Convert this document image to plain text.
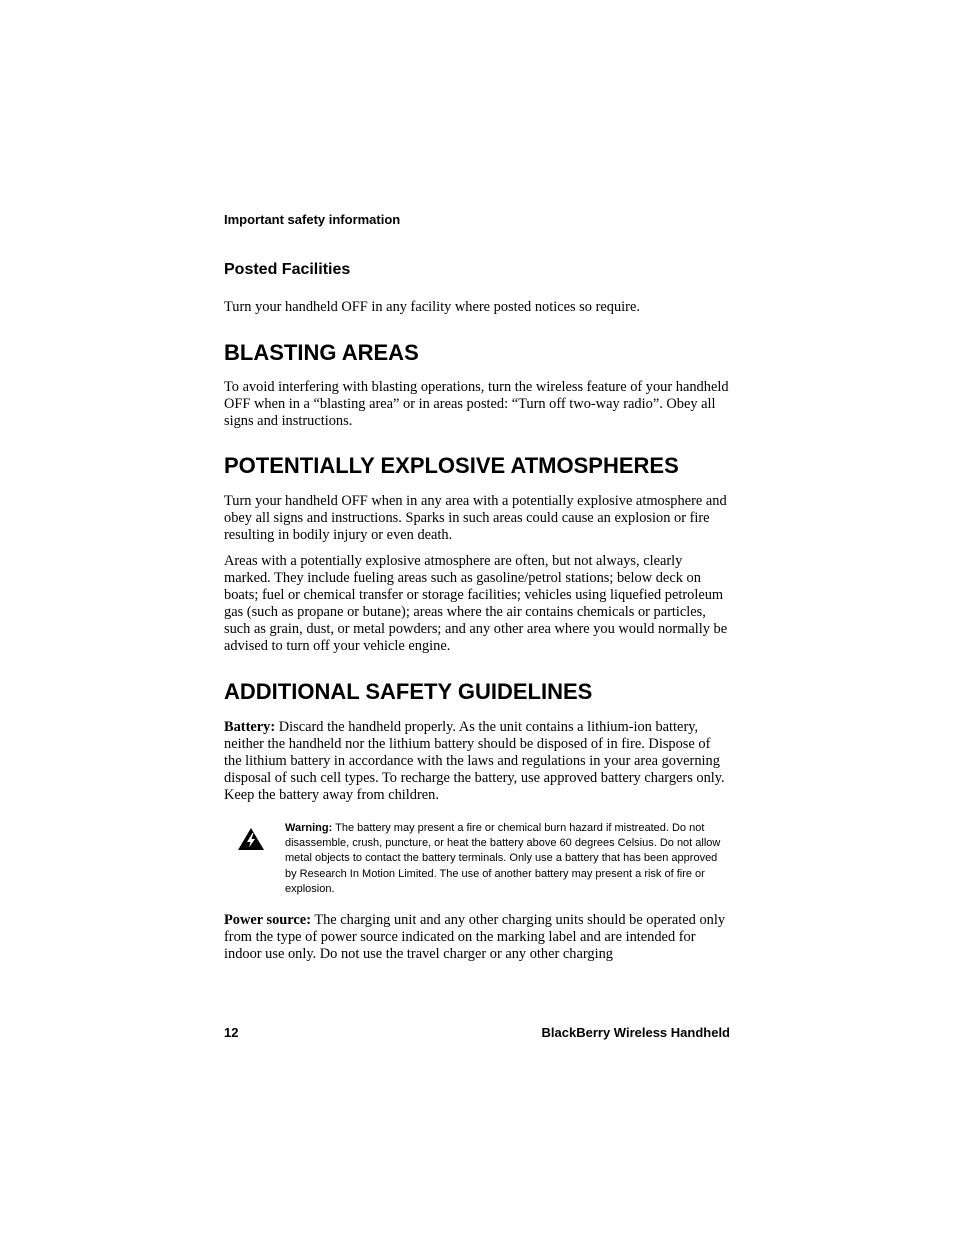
Important safety information
Posted Facilities

Turn your handheld OFF in any facility where posted notices so require.

BLASTING AREAS

To avoid interfering with blasting operations, turn the wireless feature of your handheld OFF when in a “blasting area” or in areas posted: “Turn off two-way radio”. Obey all signs and instructions.

POTENTIALLY EXPLOSIVE ATMOSPHERES

Turn your handheld OFF when in any area with a potentially explosive atmosphere and obey all signs and instructions. Sparks in such areas could cause an explosion or fire resulting in bodily injury or even death.

Areas with a potentially explosive atmosphere are often, but not always, clearly marked. They include fueling areas such as gasoline/petrol stations; below deck on boats; fuel or chemical transfer or storage facilities; vehicles using liquefied petroleum gas (such as propane or butane); areas where the air contains chemicals or particles, such as grain, dust, or metal powders; and any other area where you would normally be advised to turn off your vehicle engine.

ADDITIONAL SAFETY GUIDELINES

Battery: Discard the handheld properly. As the unit contains a lithium-ion battery, neither the handheld nor the lithium battery should be disposed of in fire. Dispose of the lithium battery in accordance with the laws and regulations in your area governing disposal of such cell types. To recharge the battery, use approved battery chargers only. Keep the battery away from children.

Warning: The battery may present a fire or chemical burn hazard if mistreated. Do not disassemble, crush, puncture, or heat the battery above 60 degrees Celsius. Do not allow metal objects to contact the battery terminals. Only use a battery that has been approved by Research In Motion Limited. The use of another battery may present a risk of fire or explosion.

Power source: The charging unit and any other charging units should be operated only from the type of power source indicated on the marking label and are intended for indoor use only. Do not use the travel charger or any other charging

12	BlackBerry Wireless Handheld
